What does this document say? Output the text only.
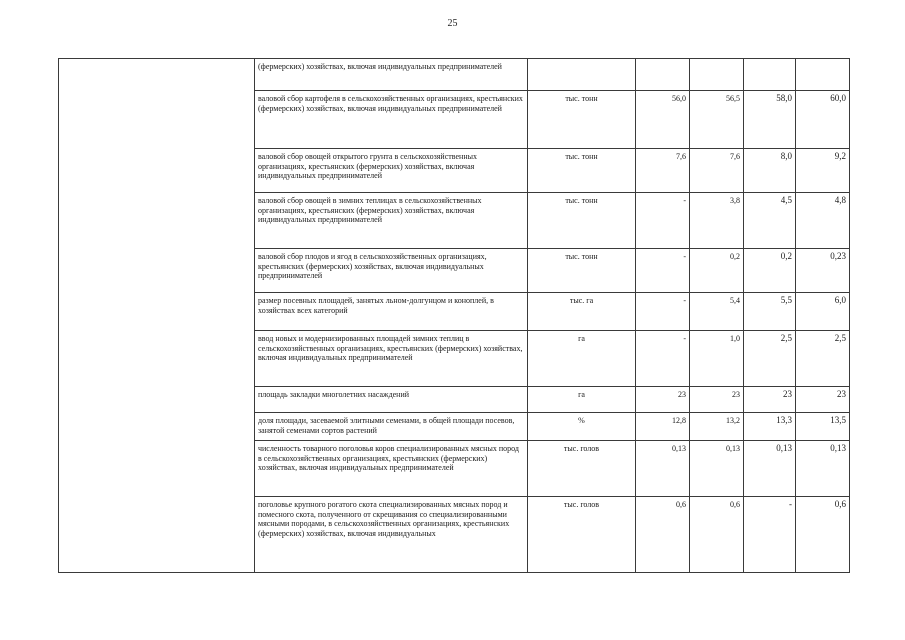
25
	(фермерских) хозяйствах, включая индивидуальных предпринимателей					
	валовой сбор картофеля в сельскохозяйственных организациях, крестьянских (фермерских) хозяйствах, включая индивидуальных предпринимателей	тыс. тонн	56,0	56,5	58,0	60,0
	валовой сбор овощей открытого грунта в сельскохозяйственных организациях, крестьянских (фермерских) хозяйствах, включая индивидуальных предпринимателей	тыс. тонн	7,6	7,6	8,0	9,2
	валовой сбор овощей в зимних теплицах в сельскохозяйственных организациях, крестьянских (фермерских) хозяйствах, включая индивидуальных предпринимателей	тыс. тонн	-	3,8	4,5	4,8
	валовой сбор плодов и ягод в сельскохозяйственных организациях, крестьянских (фермерских) хозяйствах, включая индивидуальных предпринимателей	тыс. тонн	-	0,2	0,2	0,23
	размер посевных площадей, занятых льном-долгунцом и коноплей, в хозяйствах всех категорий	тыс. га	-	5,4	5,5	6,0
	ввод новых и модернизированных площадей зимних теплиц в сельскохозяйственных организациях, крестьянских (фермерских) хозяйствах, включая индивидуальных предпринимателей	га	-	1,0	2,5	2,5
	площадь закладки многолетних насаждений	га	23	23	23	23
	доля площади, засеваемой элитными семенами, в общей площади посевов, занятой семенами сортов растений	%	12,8	13,2	13,3	13,5
	численность товарного поголовья коров специализированных мясных пород в сельскохозяйственных организациях, крестьянских (фермерских) хозяйствах, включая индивидуальных предпринимателей	тыс. голов	0,13	0,13	0,13	0,13
	поголовье крупного рогатого скота специализированных мясных пород и помесного скота, полученного от скрещивания со специализированными мясными породами, в сельскохозяйственных организациях, крестьянских (фермерских) хозяйствах, включая индивидуальных	тыс. голов	0,6	0,6	-	0,6
